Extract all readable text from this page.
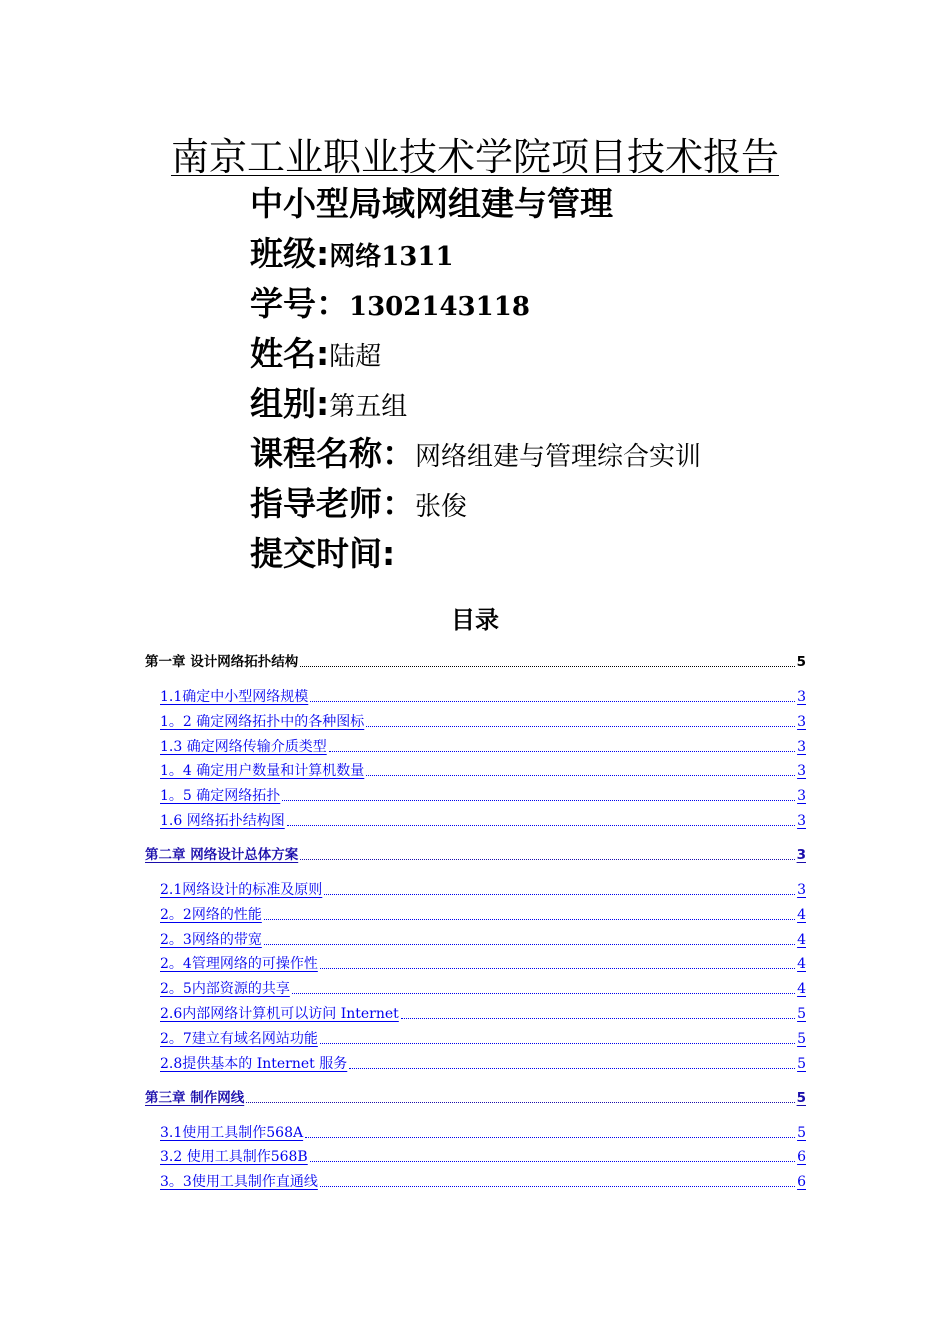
南京工业职业技术学院项目技术报告
中小型局域网组建与管理
班级:网络1311
学号：1302143118
姓名:陆超
组别:第五组
课程名称：网络组建与管理综合实训
指导老师：张俊
提交时间:
目录
第一章 设计网络拓扑结构	5
1.1确定中小型网络规模	3
1。2 确定网络拓扑中的各种图标	3
1.3 确定网络传输介质类型	3
1。4 确定用户数量和计算机数量	3
1。5 确定网络拓扑	3
1.6 网络拓扑结构图	3
第二章 网络设计总体方案	3
2.1网络设计的标准及原则	3
2。2网络的性能	4
2。3网络的带宽	4
2。4管理网络的可操作性	4
2。5内部资源的共享	4
2.6内部网络计算机可以访问 Internet	5
2。7建立有域名网站功能	5
2.8提供基本的 Internet 服务	5
第三章 制作网线	5
3.1使用工具制作568A	5
3.2 使用工具制作568B	6
3。3使用工具制作直通线	6
